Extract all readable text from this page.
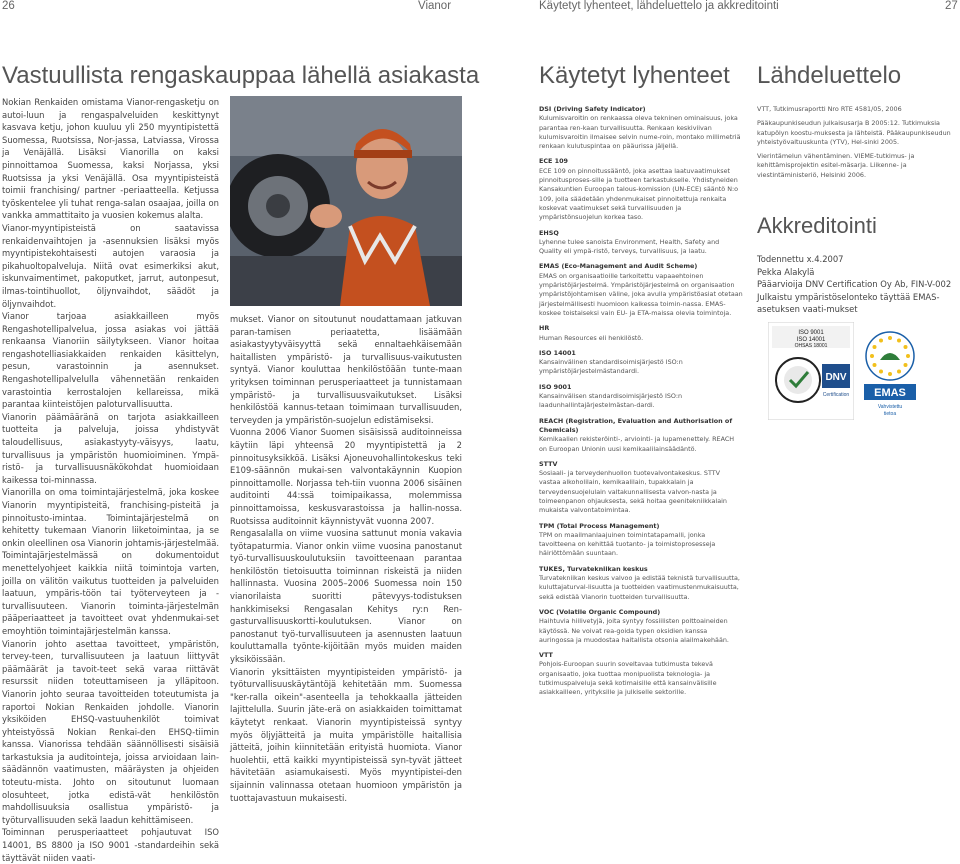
26	Vianor	Käytetyt lyhenteet, lähdeluettelo ja akkreditointi	27
Vastuullista rengaskauppaa lähellä asiakasta Käytetyt lyhenteet Lähdeluettelo

Nokian Renkaiden omistama Vianor-rengasketju on autoi-luun ja rengaspalveluiden keskittynyt kasvava ketju, johon kuuluu yli 250 myyntipistettä Suomessa, Ruotsissa, Nor-jassa, Latviassa, Virossa ja Venäjällä. Lisäksi Vianorilla on kaksi pinnoittamoa Suomessa, kaksi Norjassa, yksi Ruotsissa ja yksi Venäjällä. Osa myyntipisteistä toimii franchising/ partner -periaatteella. Ketjussa työskentelee yli tuhat renga-salan osaajaa, joilla on vankka ammattitaito ja vuosien kokemus alalta.

Vianor-myyntipisteistä on saatavissa renkaidenvaihtojen ja -asennuksien lisäksi myös myyntipistekohtaisesti autojen varaosia ja pikahuoltopalveluja. Niitä ovat esimerkiksi akut, iskunvaimentimet, pakoputket, jarrut, autonpesut, ilmas-tointihuollot, öljynvaihdot, säädöt ja öljynvaihdot.

Vianor tarjoaa asiakkailleen myös Rengashotellipalvelua, jossa asiakas voi jättää renkaansa Vianoriin säilytykseen. Vianor hoitaa rengashotelliasiakkaiden renkaiden käsittelyn, pesun, varastoinnin ja asennukset. Rengashotellipalvelulla vähennetään renkaiden varastointia kerrostalojen kellareissa, mikä parantaa kiinteistöjen paloturvallisuutta.

Vianorin päämääränä on tarjota asiakkailleen tuotteita ja palveluja, joissa yhdistyvät taloudellisuus, asiakastyyty-väisyys, laatu, turvallisuus ja ympäristön huomioiminen. Ympä-ristö- ja turvallisuusnäkökohdat huomioidaan kaikessa toi-minnassa.

Vianorilla on oma toimintajärjestelmä, joka koskee Vianorin myyntipisteitä, franchising-pisteitä ja pinnoitusto-imintaa. Toimintajärjestelmä on kehitetty tukemaan Vianorin liiketoimintaa, ja se onkin oleellinen osa Vianorin johtamis-järjestelmää. Toimintajärjestelmässä on dokumentoidut menettelyohjeet kaikkia niitä toimintoja varten, joilla on välitön vaikutus tuotteiden ja palveluiden laatuun, ympäris-töön tai työterveyteen ja -turvallisuuteen. Vianorin toiminta-järjestelmän pääperiaatteet ja tavoitteet ovat yhdenmukai-set emoyhtiön toimintajärjestelmän kanssa.

Vianorin johto asettaa tavoitteet, ympäristön, tervey-teen, turvallisuuteen ja laatuun liittyvät päämäärät ja tavoit-teet sekä varaa riittävät resurssit niiden toteuttamiseen ja ylläpitoon. Vianorin johto seuraa tavoitteiden toteutumista ja raportoi Nokian Renkaiden johdolle. Vianorin yksiköiden EHSQ-vastuuhenkilöt toimivat yhteistyössä Nokian Renkai-den EHSQ-tiimin kanssa. Vianorissa tehdään säännöllisesti sisäisiä tarkastuksia ja auditointeja, joissa arvioidaan lain-säädännön vaatimusten, määräysten ja ohjeiden toteutu-mista. Johto on sitoutunut luomaan olosuhteet, jotka edistä-vät henkilöstön mahdollisuuksia osallistua ympäristö- ja työturvallisuuden sekä laadun kehittämiseen.

Toiminnan perusperiaatteet pohjautuvat ISO 14001, BS 8800 ja ISO 9001 -standardeihin sekä täyttävät niiden vaati-

mukset. Vianor on sitoutunut noudattamaan jatkuvan paran-tamisen periaatetta, lisäämään asiakastyytyväisyyttä sekä ennaltaehkäisemään haitallisten ympäristö- ja turvallisuus-vaikutusten syntyä. Vianor kouluttaa henkilöstöään tunte-maan yrityksen toiminnan perusperiaatteet ja tunnistamaan ympäristö- ja turvallisuusvaikutukset. Lisäksi henkilöstöä kannus-tetaan toimimaan turvallisuuden, terveyden ja ympäristön-suojelun edistämiseksi.

Vuonna 2006 Vianor Suomen sisäisissä auditoinneissa käytiin läpi yhteensä 20 myyntipistettä ja 2 pinnoitusyksikköä. Lisäksi Ajoneuvohallintokeskus teki E109-säännön mukai-sen valvontakäynnin Kuopion pinnoittamolle. Norjassa teh-tiin vuonna 2006 sisäinen auditointi 44:ssä toimipaikassa, molemmissa pinnoittamoissa, keskusvarastoissa ja hallin-nossa. Ruotsissa auditoinnit käynnistyvät vuonna 2007.

Rengasalalla on viime vuosina sattunut monia vakavia työtapaturmia. Vianor onkin viime vuosina panostanut työ-turvallisuuskoulutuksiin tavoitteenaan parantaa henkilöstön tietoisuutta toiminnan riskeistä ja niiden hallinnasta. Vuosina 2005–2006 Suomessa noin 150 vianorilaista suoritti pätevyys-todistuksen hankkimiseksi Rengasalan Kehitys ry:n Ren-gasturvallisuuskortti-koulutuksen. Vianor on panostanut työ-turvallisuuteen ja asennusten laatuun kouluttamalla työnte-kijöitään myös muiden maiden yksiköissään.

Vianorin yksittäisten myyntipisteiden ympäristö- ja työturvallisuuskäytäntöjä kehitetään mm. Suomessa "ker-ralla oikein"-asenteella ja tehokkaalla jätteiden lajittelulla. Suurin jäte-erä on asiakkaiden toimittamat käytetyt renkaat. Vianorin myyntipisteissä syntyy myös öljyjätteitä ja muita ympäristölle haitallisia jätteitä, joihin kiinnitetään erityistä huomiota. Vianor huolehtii, että kaikki myyntipisteissä syn-tyvät jätteet hävitetään asiamukaisesti. Myös myyntipistei-den sijainnin valinnassa otetaan huomioon ympäristön ja tuottajavastuun mukaisesti.

DSI (Driving Safety Indicator)

Kulumisvaroitin on renkaassa oleva tekninen ominaisuus, joka parantaa ren-kaan turvallisuutta. Renkaan keskiviivan kulumisvaroitin ilmaisee selvin nume-roin, montako millimetriä renkaan kulutuspintaa on pääurissa jäljellä.

ECE 109

ECE 109 on pinnoitussääntö, joka asettaa laatuvaatimukset pinnoitusproses-sille ja tuotteen tarkastukselle. Yhdistyneiden Kansakuntien Euroopan talous-komission (UN-ECE) sääntö N:o 109, jolla säädetään yhdenmukaiset pinnoitettuja renkaita koskevat vaatimukset sekä turvallisuuden ja ympäristönsuojelun korkea taso.

EHSQ

Lyhenne tulee sanoista Environment, Health, Safety and Quality eli ympä-ristö, terveys, turvallisuus, ja laatu.

EMAS (Eco-Management and Audit Scheme)

EMAS on organisaatioille tarkoitettu vapaaehtoinen ympäristöjärjestelmä. Ympäristöjärjestelmä on organisaation ympäristöjohtamisen väline, joka avulla ympäristöasiat otetaan järjestelmällisesti huomioon kaikessa toimin-nassa. EMAS-koskee toistaiseksi vain EU- ja ETA-maissa olevia toimintoja.

HR

Human Resources eli henkilöstö.

ISO 14001

Kansainvälinen standardisoimisjärjestö ISO:n ympäristöjärjestelmästandardi.

ISO 9001

Kansainvälisen standardisoimisjärjestö ISO:n laadunhallintajärjestelmästan-dardi.

REACH (Registration, Evaluation and Authorisation of Chemicals)

Kemikaalien rekisteröinti-, arviointi- ja lupamenettely. REACH on Euroopan Unionin uusi kemikaalilainsäädäntö.

STTV

Sosiaali- ja terveydenhuollon tuotevalvontakeskus. STTV vastaa alkoholilain, kemikaalilain, tupakkalain ja terveydensuojelulain valtakunnallisesta valvon-nasta ja toimeenpanon ohjauksesta, sekä hoitaa geenitekniikkalain mukaista valvontatoimintaa.

TPM (Total Process Management)

TPM on maailmanlaajuinen toimintatapamalli, jonka tavoitteena on kehittää tuotanto- ja toimistoprosesseja häiriöttömään suuntaan.

TUKES, Turvatekniikan keskus

Turvatekniikan keskus valvoo ja edistää teknistä turvallisuutta, kuluttajaturval-lisuutta ja tuotteiden vaatimustenmukaisuutta, sekä edistää Vianorin tuotteiden turvallisuutta.

VOC (Volatile Organic Compound)

Haihtuvia hiilivetyjä, joita syntyy fossiilisten polttoaineiden käytössä. Ne voivat rea-goida typen oksidien kanssa auringossa ja muodostaa haitallista otsonia alailmakehään.

VTT

Pohjois-Euroopan suurin soveltavaa tutkimusta tekevä organisaatio, joka tuottaa monipuolista teknologia- ja tutkimuspalveluja sekä kotimaisille että kansainvälisille asiakkailleen, yrityksille ja julkiselle sektorille.

VTT, Tutkimusraportti Nro RTE 4581/05, 2006

Pääkaupunkiseudun julkaisusarja B 2005:12. Tutkimuksia katupölyn koostu-muksesta ja lähteistä. Pääkaupunkiseudun yhteistyövaltuuskunta (YTV), Hel-sinki 2005.

Vierintämelun vähentäminen. VIEME-tutkimus- ja kehittämisprojektin esitel-mäsarja. Liikenne- ja viestintäministeriö, Helsinki 2006.

Akkreditointi

Todennettu x.4.2007

Pekka Alakylä

Pääarvioija DNV Certification Oy Ab, FIN-V-002

Julkaistu ympäristöselonteko täyttää EMAS-asetuksen vaati-mukset

ISO 9001
ISO 14001
OHSAS 18001
DNV
Certification EMAS
Vahvistettu
tietoa
